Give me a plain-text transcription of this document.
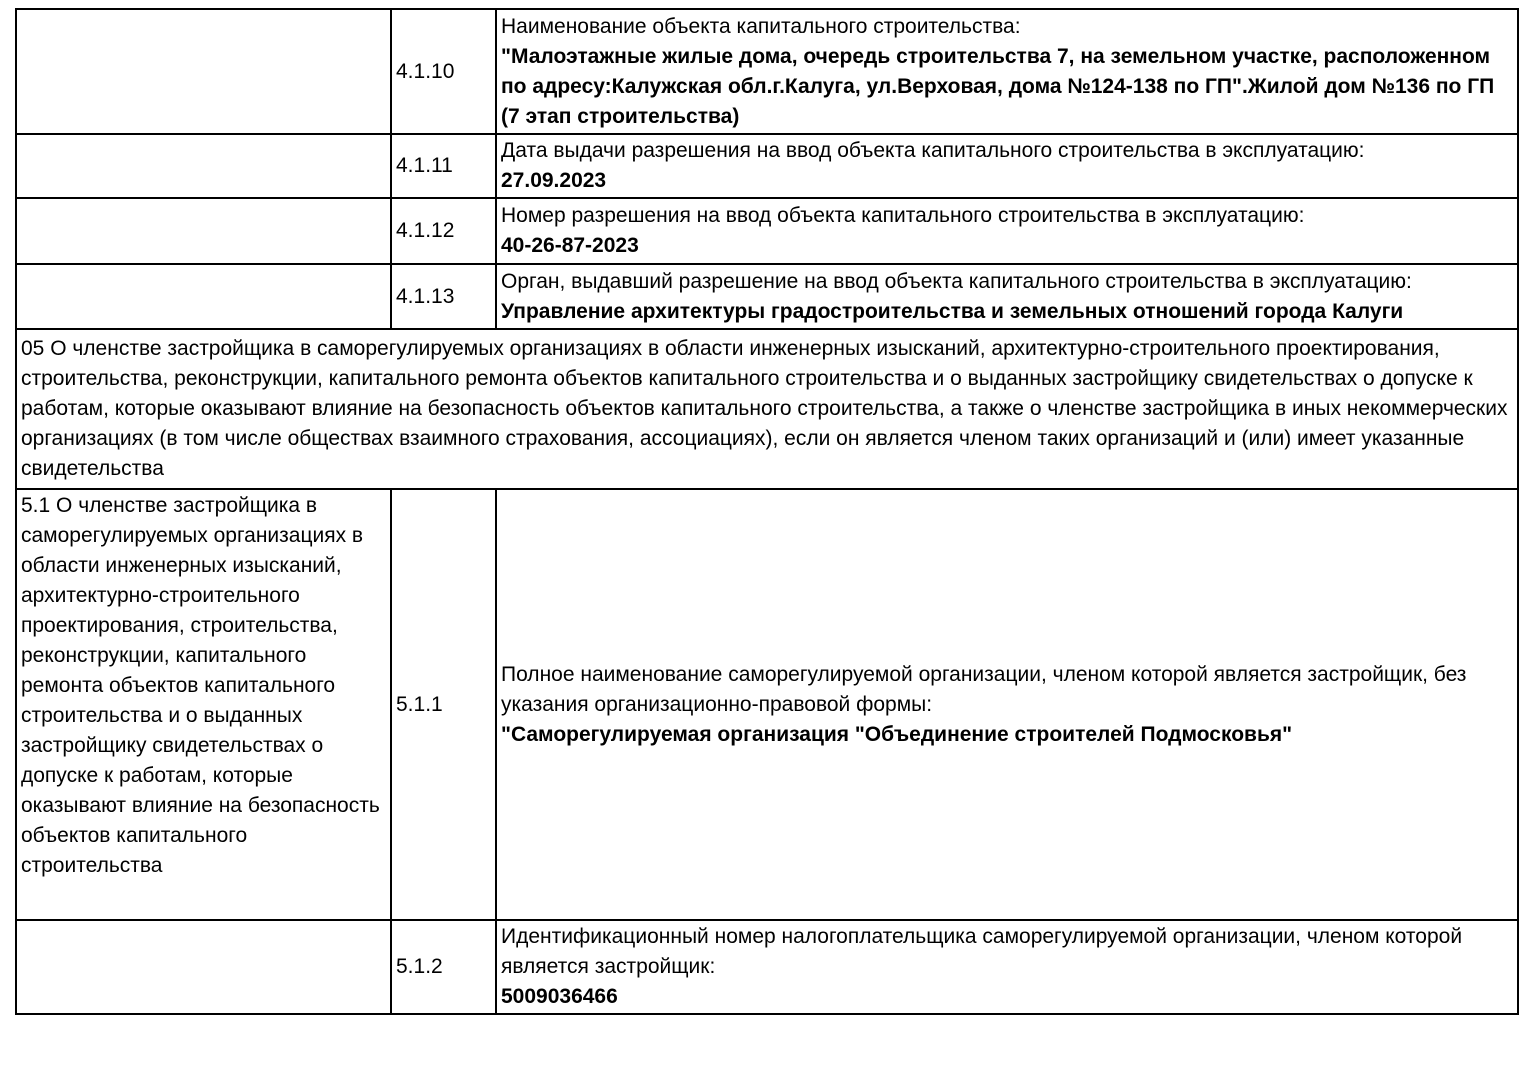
	4.1.10	Наименование объекта капитального строительства:
"Малоэтажные жилые дома, очередь строительства 7, на земельном участке, расположенном по адресу:Калужская обл.г.Калуга, ул.Верховая, дома №124-138 по ГП".Жилой дом №136 по ГП (7 этап строительства)

	4.1.11	Дата выдачи разрешения на ввод объекта капитального строительства в эксплуатацию:
27.09.2023

	4.1.12	Номер разрешения на ввод объекта капитального строительства в эксплуатацию:
40-26-87-2023

	4.1.13	Орган, выдавший разрешение на ввод объекта капитального строительства в эксплуатацию:
Управление архитектуры градостроительства и земельных отношений города Калуги

05 О членстве застройщика в саморегулируемых организациях в области инженерных изысканий, архитектурно-строительного проектирования, строительства, реконструкции, капитального ремонта объектов капитального строительства и о выданных застройщику свидетельствах о допуске к работам, которые оказывают влияние на безопасность объектов капитального строительства, а также о членстве застройщика в иных некоммерческих организациях (в том числе обществах взаимного страхования, ассоциациях), если он является членом таких организаций и (или) имеет указанные свидетельства		
5.1 О членстве застройщика в саморегулируемых организациях в области инженерных изысканий, архитектурно-строительного проектирования, строительства, реконструкции, капитального ремонта объектов капитального строительства и о выданных застройщику свидетельствах о допуске к работам, которые оказывают влияние на безопасность объектов капитального строительства	5.1.1	Полное наименование саморегулируемой организации, членом которой является застройщик, без указания организационно-правовой формы:
"Саморегулируемая организация "Объединение строителей Подмосковья"

	5.1.2	Идентификационный номер налогоплательщика саморегулируемой организации, членом которой является застройщик:
5009036466
